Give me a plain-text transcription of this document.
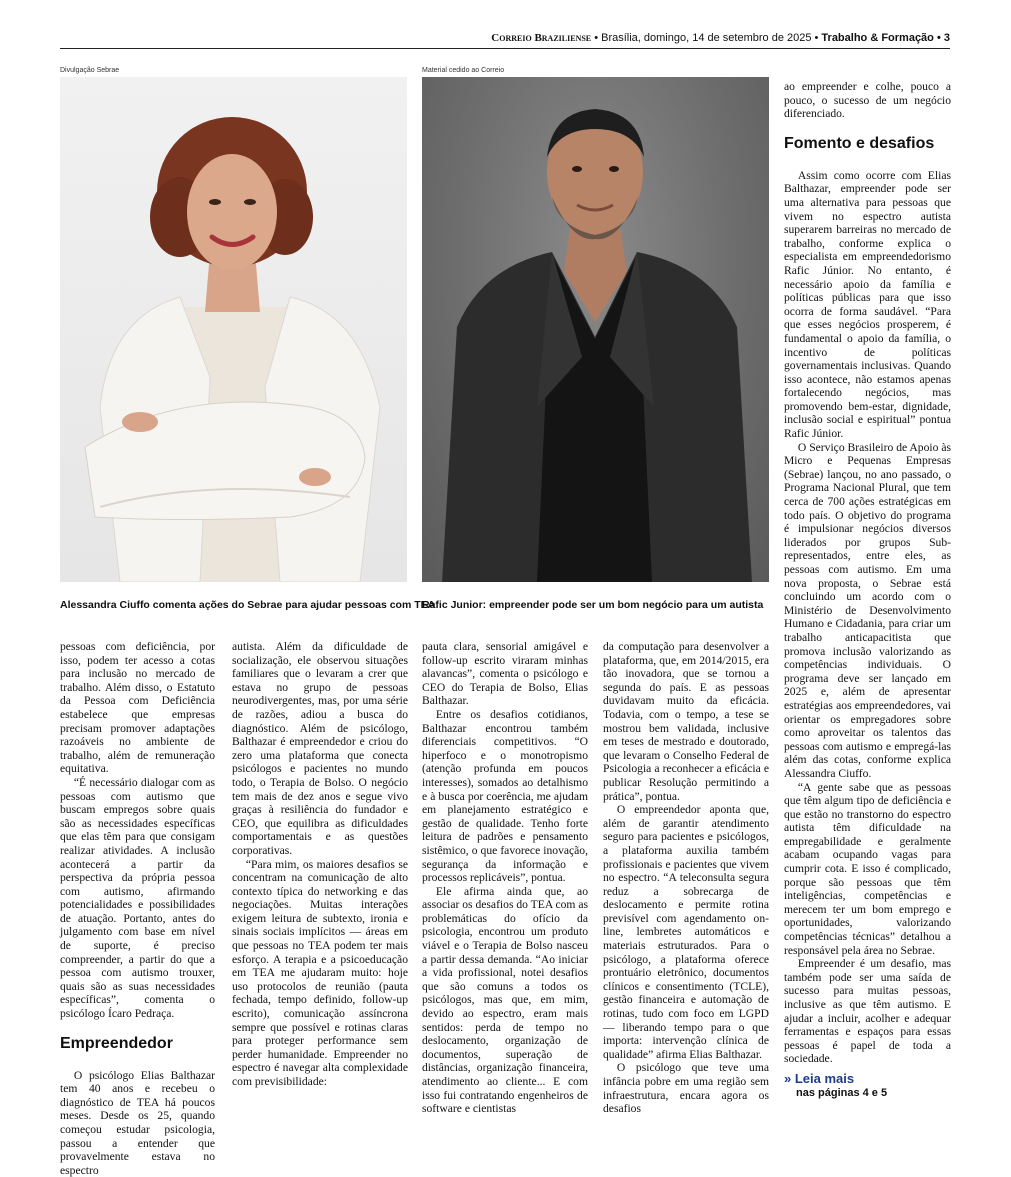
Correio Braziliense • Brasília, domingo, 14 de setembro de 2025 • Trabalho & Formação • 3
Divulgação Sebrae
Alessandra Ciuffo comenta ações do Sebrae para ajudar pessoas com TEA
Material cedido ao Correio
Rafic Junior: empreender pode ser um bom negócio para um autista

pessoas com deficiência, por isso, podem ter acesso a cotas para inclusão no mercado de trabalho. Além disso, o Estatuto da Pessoa com Deficiência estabelece que empresas precisam promover adaptações razoáveis no ambiente de trabalho, além de remuneração equitativa.

“É necessário dialogar com as pessoas com autismo que buscam empregos sobre quais são as necessidades específicas que elas têm para que consigam realizar atividades. A inclusão acontecerá a partir da perspectiva da própria pessoa com autismo, afirmando potencialidades e possibilidades de atuação. Portanto, antes do julgamento com base em nível de suporte, é preciso compreender, a partir do que a pessoa com autismo trouxer, quais são as suas necessidades específicas”, comenta o psicólogo Ícaro Pedraça.

Empreendedor

O psicólogo Elias Balthazar tem 40 anos e recebeu o diagnóstico de TEA há poucos meses. Desde os 25, quando começou estudar psicologia, passou a entender que provavelmente estava no espectro

autista. Além da dificuldade de socialização, ele observou situações familiares que o levaram a crer que estava no grupo de pessoas neurodivergentes, mas, por uma série de razões, adiou a busca do diagnóstico. Além de psicólogo, Balthazar é empreendedor e criou do zero uma plataforma que conecta psicólogos e pacientes no mundo todo, o Terapia de Bolso. O negócio tem mais de dez anos e segue vivo graças à resiliência do fundador e CEO, que equilibra as dificuldades comportamentais e as questões corporativas.

“Para mim, os maiores desafios se concentram na comunicação de alto contexto típica do networking e das negociações. Muitas interações exigem leitura de subtexto, ironia e sinais sociais implícitos — áreas em que pessoas no TEA podem ter mais esforço. A terapia e a psicoeducação em TEA me ajudaram muito: hoje uso protocolos de reunião (pauta fechada, tempo definido, follow-up escrito), comunicação assíncrona sempre que possível e rotinas claras para proteger performance sem perder humanidade. Empreender no espectro é navegar alta complexidade com previsibilidade:

pauta clara, sensorial amigável e follow-up escrito viraram minhas alavancas”, comenta o psicólogo e CEO do Terapia de Bolso, Elias Balthazar.

Entre os desafios cotidianos, Balthazar encontrou também diferenciais competitivos. “O hiperfoco e o monotropismo (atenção profunda em poucos interesses), somados ao detalhismo e à busca por coerência, me ajudam em planejamento estratégico e gestão de qualidade. Tenho forte leitura de padrões e pensamento sistêmico, o que favorece inovação, segurança da informação e processos replicáveis”, pontua.

Ele afirma ainda que, ao associar os desafios do TEA com as problemáticas do ofício da psicologia, encontrou um produto viável e o Terapia de Bolso nasceu a partir dessa demanda. “Ao iniciar a vida profissional, notei desafios que são comuns a todos os psicólogos, mas que, em mim, devido ao espectro, eram mais sentidos: perda de tempo no deslocamento, organização de documentos, superação de distâncias, organização financeira, atendimento ao cliente... E com isso fui contratando engenheiros de software e cientistas

da computação para desenvolver a plataforma, que, em 2014/2015, era tão inovadora, que se tornou a segunda do país. E as pessoas duvidavam muito da eficácia. Todavia, com o tempo, a tese se mostrou bem validada, inclusive em teses de mestrado e doutorado, que levaram o Conselho Federal de Psicologia a reconhecer a eficácia e publicar Resolução permitindo a prática”, pontua.

O empreendedor aponta que, além de garantir atendimento seguro para pacientes e psicólogos, a plataforma auxilia também profissionais e pacientes que vivem no espectro. “A teleconsulta segura reduz a sobrecarga de deslocamento e permite rotina previsível com agendamento on-line, lembretes automáticos e materiais estruturados. Para o psicólogo, a plataforma oferece prontuário eletrônico, documentos clínicos e consentimento (TCLE), gestão financeira e automação de rotinas, tudo com foco em LGPD — liberando tempo para o que importa: intervenção clínica de qualidade” afirma Elias Balthazar.

O psicólogo que teve uma infância pobre em uma região sem infraestrutura, encara agora os desafios

ao empreender e colhe, pouco a pouco, o sucesso de um negócio diferenciado.

Fomento e desafios

Assim como ocorre com Elias Balthazar, empreender pode ser uma alternativa para pessoas que vivem no espectro autista superarem barreiras no mercado de trabalho, conforme explica o especialista em empreendedorismo Rafic Júnior. No entanto, é necessário apoio da família e políticas públicas para que isso ocorra de forma saudável. “Para que esses negócios prosperem, é fundamental o apoio da família, o incentivo de políticas governamentais inclusivas. Quando isso acontece, não estamos apenas fortalecendo negócios, mas promovendo bem-estar, dignidade, inclusão social e espiritual” pontua Rafic Júnior.

O Serviço Brasileiro de Apoio às Micro e Pequenas Empresas (Sebrae) lançou, no ano passado, o Programa Nacional Plural, que tem cerca de 700 ações estratégicas em todo país. O objetivo do programa é impulsionar negócios diversos liderados por grupos Sub-representados, entre eles, as pessoas com autismo. Em uma nova proposta, o Sebrae está concluindo um acordo com o Ministério de Desenvolvimento Humano e Cidadania, para criar um trabalho anticapacitista que promova inclusão valorizando as competências individuais. O programa deve ser lançado em 2025 e, além de apresentar estratégias aos empreendedores, vai orientar os empregadores sobre como aproveitar os talentos das pessoas com autismo e empregá-las além das cotas, conforme explica Alessandra Ciuffo.

“A gente sabe que as pessoas que têm algum tipo de deficiência e que estão no transtorno do espectro autista têm dificuldade na empregabilidade e geralmente acabam ocupando vagas para cumprir cota. E isso é complicado, porque são pessoas que têm inteligências, competências e merecem ter um bom emprego e oportunidades, valorizando competências técnicas” detalhou a responsável pela área no Sebrae.

Empreender é um desafio, mas também pode ser uma saída de sucesso para muitas pessoas, inclusive as que têm autismo. E ajudar a incluir, acolher e adequar ferramentas e espaços para essas pessoas é papel de toda a sociedade.

» Leia mais
nas páginas 4 e 5
